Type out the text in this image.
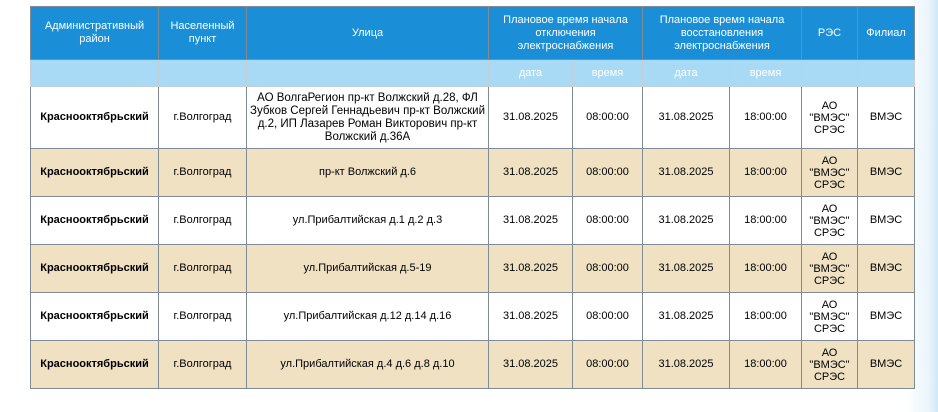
Административный район	Населенный пункт	Улица	Плановое время начала отключения электроснабжения		Плановое время начала восстановления электроснабжения		РЭС	Филиал
			дата	время	дата	время		
Краснооктябрьский	г.Волгоград	АО ВолгаРегион пр-кт Волжский д.28, ФЛ Зубков Сергей Геннадьевич пр-кт Волжский д.2, ИП Лазарев Роман Викторович пр-кт Волжский д.36А	31.08.2025	08:00:00	31.08.2025	18:00:00	АО "ВМЭС" СРЭС	ВМЭС
Краснооктябрьский	г.Волгоград	пр-кт Волжский д.6	31.08.2025	08:00:00	31.08.2025	18:00:00	АО "ВМЭС" СРЭС	ВМЭС
Краснооктябрьский	г.Волгоград	ул.Прибалтийская д.1 д.2 д.3	31.08.2025	08:00:00	31.08.2025	18:00:00	АО "ВМЭС" СРЭС	ВМЭС
Краснооктябрьский	г.Волгоград	ул.Прибалтийская д.5-19	31.08.2025	08:00:00	31.08.2025	18:00:00	АО "ВМЭС" СРЭС	ВМЭС
Краснооктябрьский	г.Волгоград	ул.Прибалтийская д.12 д.14 д.16	31.08.2025	08:00:00	31.08.2025	18:00:00	АО "ВМЭС" СРЭС	ВМЭС
Краснооктябрьский	г.Волгоград	ул.Прибалтийская д.4 д.6 д.8 д.10	31.08.2025	08:00:00	31.08.2025	18:00:00	АО "ВМЭС" СРЭС	ВМЭС
